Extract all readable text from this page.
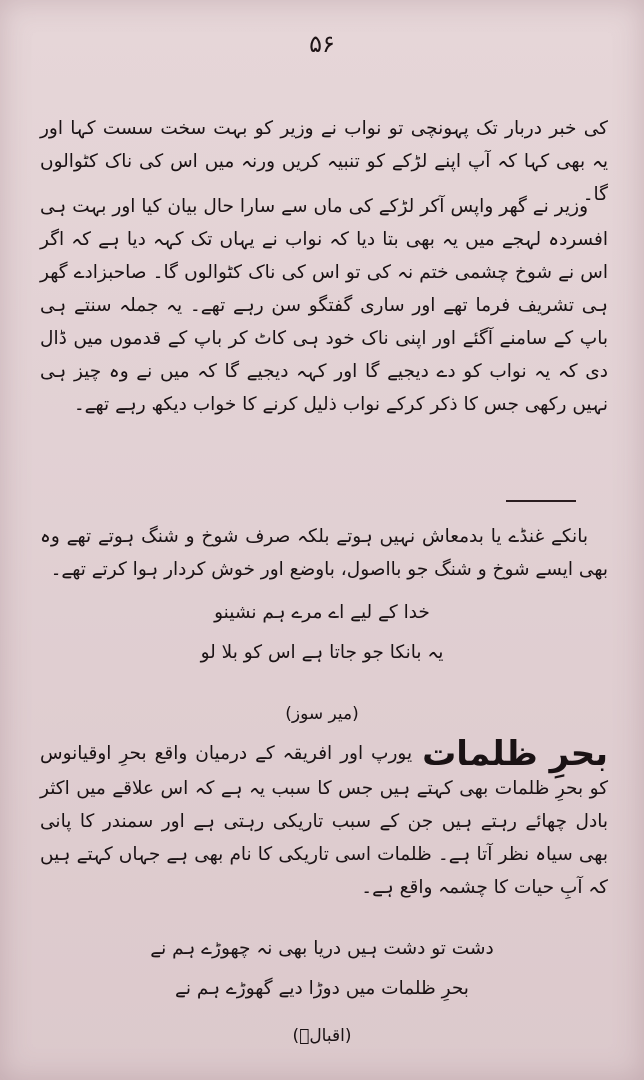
۵۶

کی خبر دربار تک پہونچی تو نواب نے وزیر کو بہت سخت سست کہا اور یہ بھی کہا کہ آپ اپنے لڑکے کو تنبیہ کریں ورنہ میں اس کی ناک کٹوالوں گا۔

وزیر نے گھر واپس آکر لڑکے کی ماں سے سارا حال بیان کیا اور بہت ہی افسردہ لہجے میں یہ بھی بتا دیا کہ نواب نے یہاں تک کہہ دیا ہے کہ اگر اس نے شوخ چشمی ختم نہ کی تو اس کی ناک کٹوالوں گا۔ صاحبزادے گھر ہی تشریف فرما تھے اور ساری گفتگو سن رہے تھے۔ یہ جملہ سنتے ہی باپ کے سامنے آگئے اور اپنی ناک خود ہی کاٹ کر باپ کے قدموں میں ڈال دی کہ یہ نواب کو دے دیجیے گا اور کہہ دیجیے گا کہ میں نے وہ چیز ہی نہیں رکھی جس کا ذکر کرکے نواب ذلیل کرنے کا خواب دیکھ رہے تھے۔

بانکے غنڈے یا بدمعاش نہیں ہوتے بلکہ صرف شوخ و شنگ ہوتے تھے وہ بھی ایسے شوخ و شنگ جو بااصول، باوضع اور خوش کردار ہوا کرتے تھے۔

خدا کے لیے اے مرے ہم نشینو
یہ بانکا جو جاتا ہے اس کو بلا لو
(میر سوز)

بحرِ ظلماتیورپ اور افریقہ کے درمیان واقع بحرِ اوقیانوس کو بحرِ ظلمات بھی کہتے ہیں جس کا سبب یہ ہے کہ اس علاقے میں اکثر بادل چھائے رہتے ہیں جن کے سبب تاریکی رہتی ہے اور سمندر کا پانی بھی سیاہ نظر آتا ہے۔ ظلمات اسی تاریکی کا نام بھی ہے جہاں کہتے ہیں کہ آبِ حیات کا چشمہ واقع ہے۔

دشت تو دشت ہیں دریا بھی نہ چھوڑے ہم نے
بحرِ ظلمات میں دوڑا دیے گھوڑے ہم نے
(اقبالؔ)
